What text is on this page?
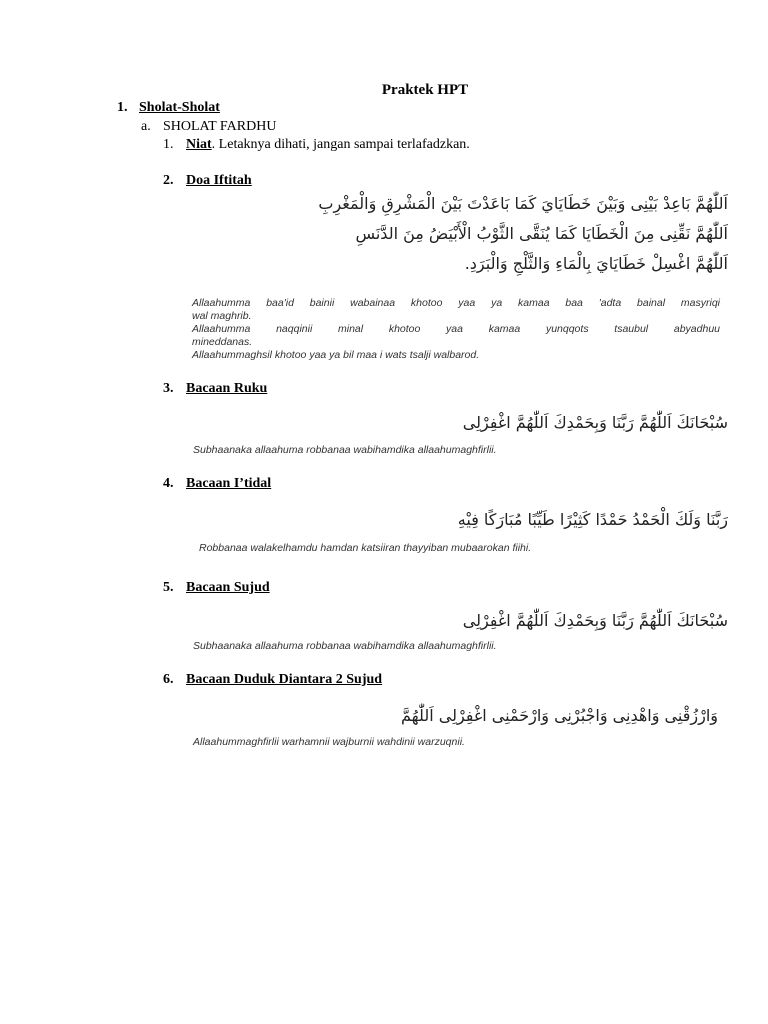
Praktek HPT
1. Sholat-Sholat
a. SHOLAT FARDHU
1. Niat. Letaknya dihati, jangan sampai terlafadzkan.
2. Doa Iftitah
اَللّٰهُمَّ بَاعِدْ بَيْنِى وَبَيْنَ خَطَايَايَ كَمَا بَاعَدْتَ بَيْنَ الْمَشْرِقِ وَالْمَغْرِبِ
اَللّٰهُمَّ نَقِّنِى مِنَ الْخَطَايَا كَمَا يُنَقَّى الثَّوْبُ الْأَبْيَضُ مِنَ الدَّنَسِ
اَللّٰهُمَّ اغْسِلْ خَطَايَايَ بِالْمَاءِ وَالثَّلْجِ وَالْبَرَدِ.
Allaahumma baa'id bainii wabainaa khotoo yaa ya kamaa baa 'adta bainal masyriqi
wal maghrib.
Allaahumma naqqinii minal khotoo yaa kamaa yunqqots tsaubul abyadhuu
mineddanas.
Allaahummaghsil khotoo yaa ya bil maa i wats tsalji walbarod.
3. Bacaan Ruku
سُبْحَانَكَ اَللّٰهُمَّ رَبَّنَا وَبِحَمْدِكَ اَللّٰهُمَّ اغْفِرْلِى
Subhaanaka allaahuma robbanaa wabihamdika allaahumaghfirlii.
4. Bacaan I’tidal
رَبَّنَا وَلَكَ الْحَمْدُ حَمْدًا كَثِيْرًا طَيِّبًا مُبَارَكًا فِيْهِ
Robbanaa walakelhamdu hamdan katsiiran thayyiban mubaarokan fiihi.
5. Bacaan Sujud
سُبْحَانَكَ اَللّٰهُمَّ رَبَّنَا وَبِحَمْدِكَ اَللّٰهُمَّ اغْفِرْلِى
Subhaanaka allaahuma robbanaa wabihamdika allaahumaghfirlii.
6. Bacaan Duduk Diantara 2 Sujud
وَارْزُقْنِى وَاهْدِنِى وَاجْبُرْنِى وَارْحَمْنِى اغْفِرْلِى اَللّٰهُمَّ
Allaahummaghfirlii warhamnii wajburnii wahdinii warzuqnii.
